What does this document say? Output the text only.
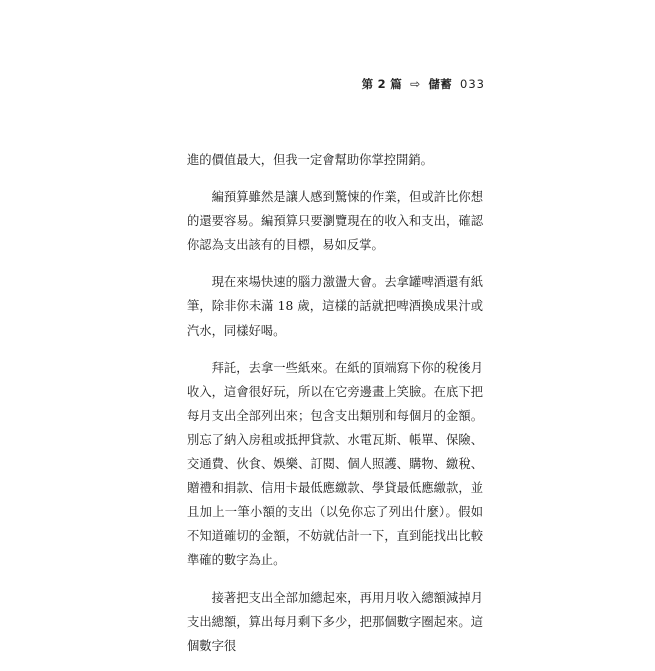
第 2 篇 ⇨ 儲蓄 033

進的價值最大，但我一定會幫助你掌控開銷。

編預算雖然是讓人感到驚悚的作業，但或許比你想的還要容易。編預算只要瀏覽現在的收入和支出，確認你認為支出該有的目標，易如反掌。

現在來場快速的腦力激盪大會。去拿罐啤酒還有紙筆，除非你未滿 18 歲，這樣的話就把啤酒換成果汁或汽水，同樣好喝。

拜託，去拿一些紙來。在紙的頂端寫下你的稅後月收入，這會很好玩，所以在它旁邊畫上笑臉。在底下把每月支出全部列出來；包含支出類別和每個月的金額。別忘了納入房租或抵押貸款、水電瓦斯、帳單、保險、交通費、伙食、娛樂、訂閱、個人照護、購物、繳稅、贈禮和捐款、信用卡最低應繳款、學貸最低應繳款，並且加上一筆小額的支出（以免你忘了列出什麼）。假如不知道確切的金額，不妨就估計一下，直到能找出比較準確的數字為止。

接著把支出全部加總起來，再用月收入總額減掉月支出總額，算出每月剩下多少，把那個數字圈起來。這個數字很
